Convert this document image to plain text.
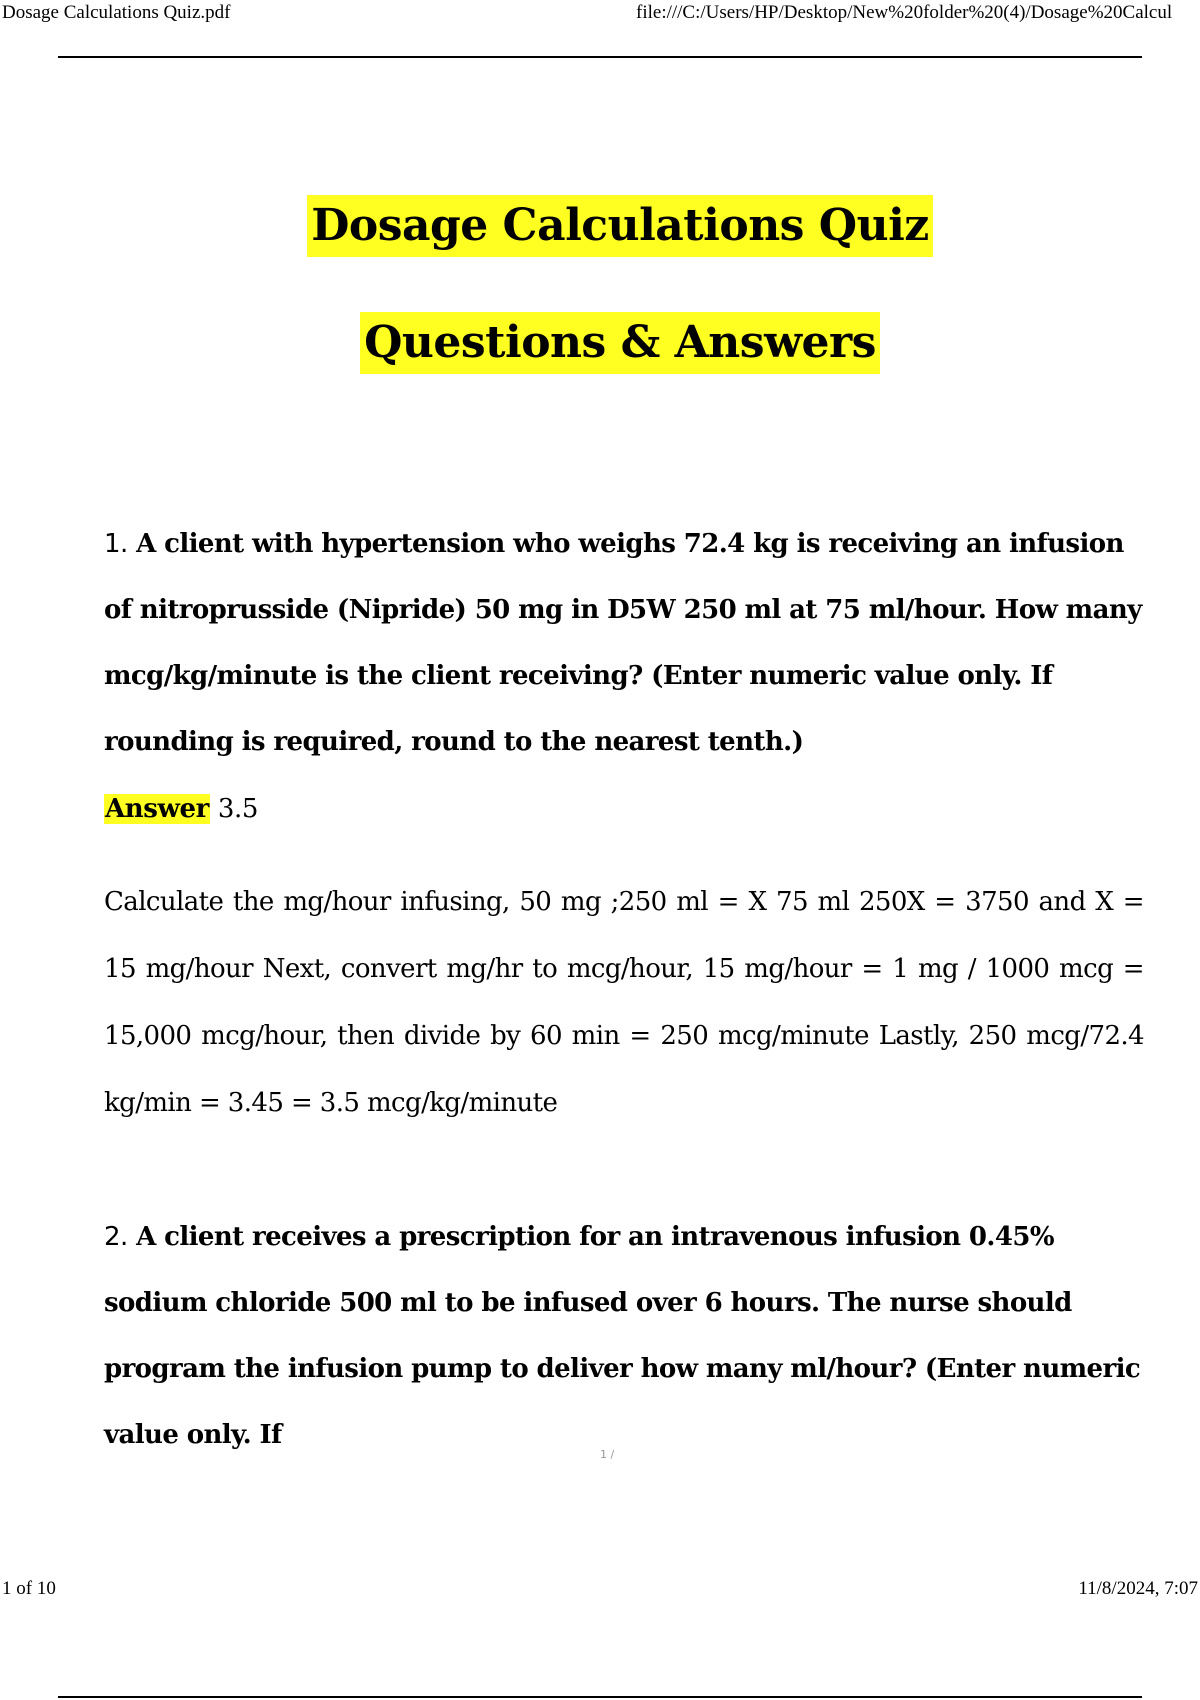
Dosage Calculations Quiz.pdf	file:///C:/Users/HP/Desktop/New%20folder%20(4)/Dosage%20Calcul
Dosage Calculations Quiz
Questions & Answers
1. A client with hypertension who weighs 72.4 kg is receiving an infusion of nitroprusside (Nipride) 50 mg in D5W 250 ml at 75 ml/hour. How many mcg/kg/minute is the client receiving? (Enter numeric value only. If rounding is required, round to the nearest tenth.)
Answer 3.5
Calculate the mg/hour infusing, 50 mg ;250 ml = X 75 ml 250X = 3750 and X = 15 mg/hour Next, convert mg/hr to mcg/hour, 15 mg/hour = 1 mg / 1000 mcg = 15,000 mcg/hour, then divide by 60 min = 250 mcg/minute Lastly, 250 mcg/72.4 kg/min = 3.45 = 3.5 mcg/kg/minute
2. A client receives a prescription for an intravenous infusion 0.45% sodium chloride 500 ml to be infused over 6 hours. The nurse should program the infusion pump to deliver how many ml/hour? (Enter numeric value only. If
1 /
1 of 10	11/8/2024, 7:07
